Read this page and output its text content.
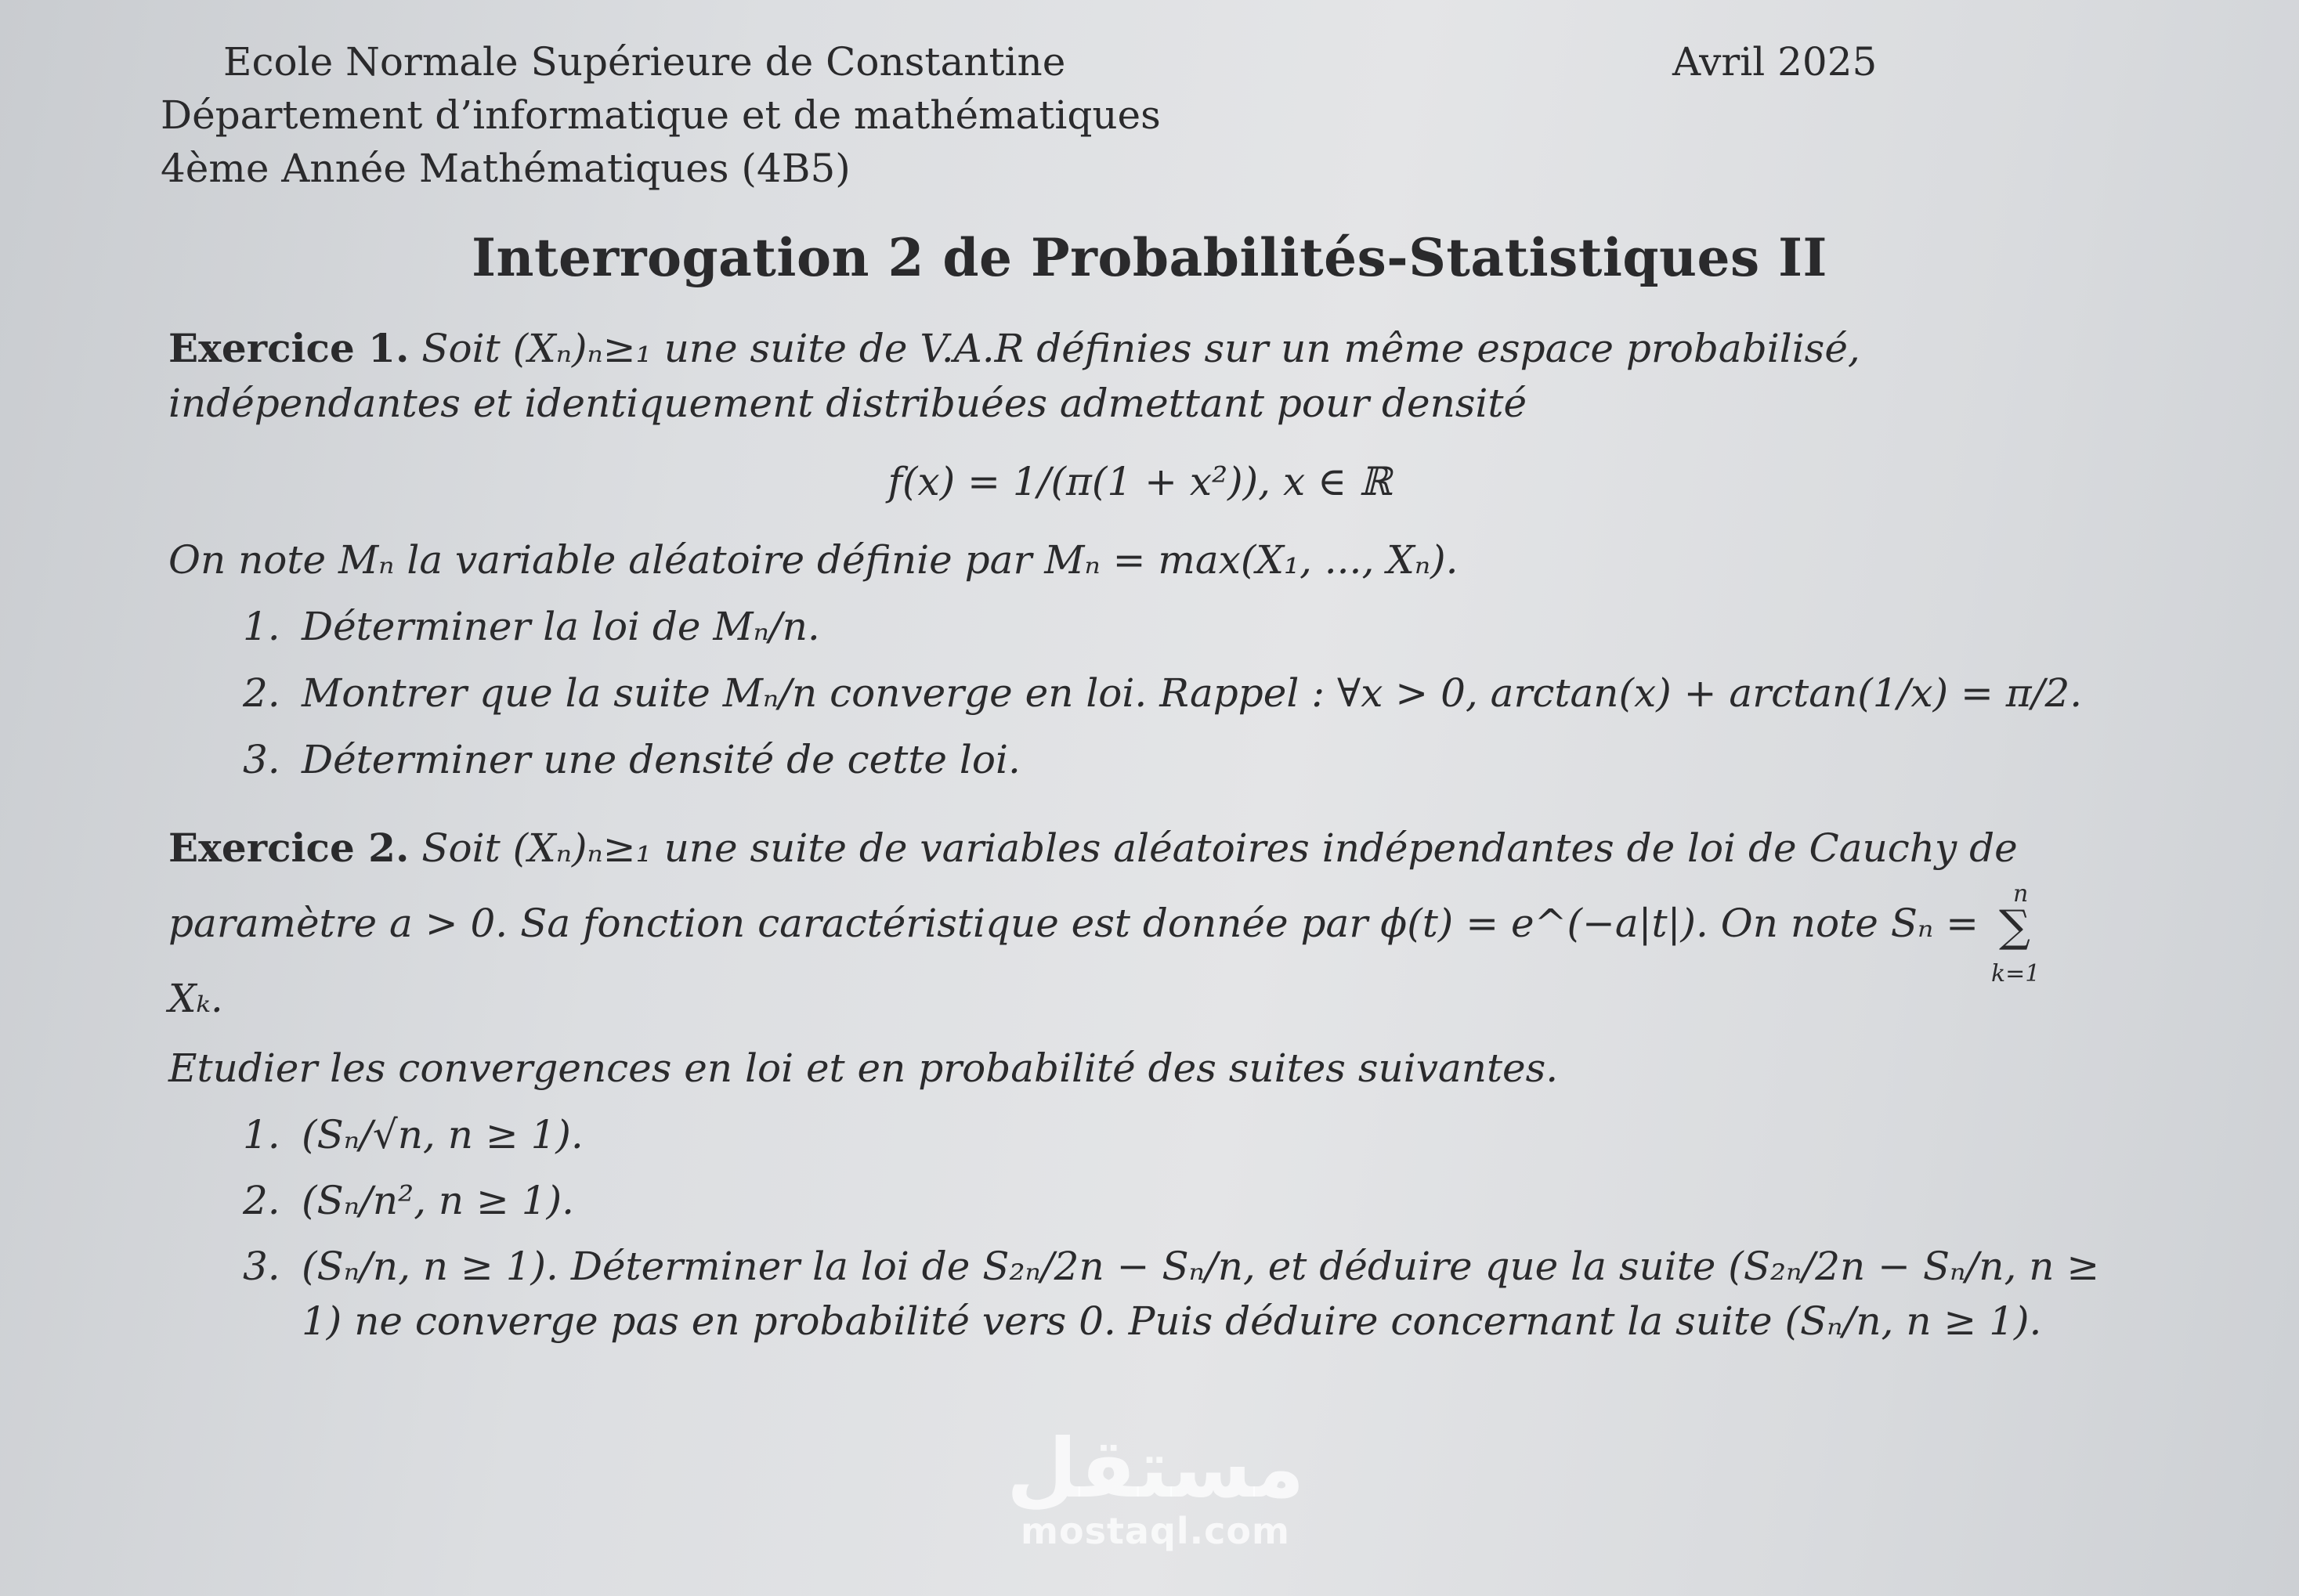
Ecole Normale Supérieure de Constantine
Département d’informatique et de mathématiques
4ème Année Mathématiques (4B5)
Avril 2025
Interrogation 2 de Probabilités-Statistiques II
Exercice 1. Soit (Xₙ)ₙ≥₁ une suite de V.A.R définies sur un même espace probabilisé, indépendantes et identiquement distribuées admettant pour densité
f(x) = 1/(π(1 + x²)), x ∈ ℝ
On note Mₙ la variable aléatoire définie par Mₙ = max(X₁, ..., Xₙ).
1. Déterminer la loi de Mₙ/n.
2. Montrer que la suite Mₙ/n converge en loi. Rappel : ∀x > 0, arctan(x) + arctan(1/x) = π/2.
3. Déterminer une densité de cette loi.
Exercice 2. Soit (Xₙ)ₙ≥₁ une suite de variables aléatoires indépendantes de loi de Cauchy de paramètre a > 0. Sa fonction caractéristique est donnée par ϕ(t) = e^(−a|t|). On note Sₙ =
n
∑
k=1
Xₖ.
Etudier les convergences en loi et en probabilité des suites suivantes.
1. (Sₙ/√n, n ≥ 1).
2. (Sₙ/n², n ≥ 1).
3. (Sₙ/n, n ≥ 1). Déterminer la loi de S₂ₙ/2n − Sₙ/n, et déduire que la suite (S₂ₙ/2n − Sₙ/n, n ≥ 1) ne converge pas en probabilité vers 0. Puis déduire concernant la suite (Sₙ/n, n ≥ 1).
مستقل
mostaql.com
